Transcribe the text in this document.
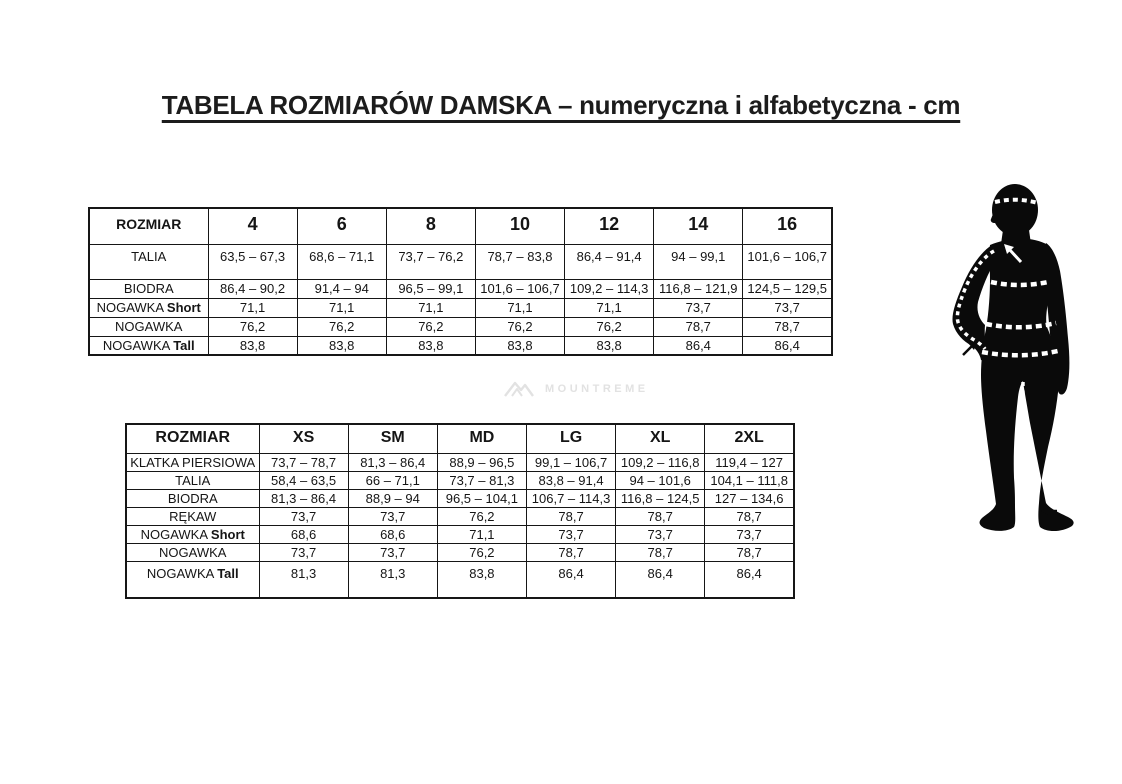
TABELA ROZMIARÓW DAMSKA – numeryczna i alfabetyczna - cm
ROZMIAR	4	6	8	10	12	14	16
TALIA	63,5 – 67,3	68,6 – 71,1	73,7 – 76,2	78,7 – 83,8	86,4 – 91,4	94 – 99,1	101,6 – 106,7
BIODRA	86,4 – 90,2	91,4 – 94	96,5 – 99,1	101,6 – 106,7	109,2 – 114,3	116,8 – 121,9	124,5 – 129,5
NOGAWKA Short	71,1	71,1	71,1	71,1	71,1	73,7	73,7
NOGAWKA	76,2	76,2	76,2	76,2	76,2	78,7	78,7
NOGAWKA Tall	83,8	83,8	83,8	83,8	83,8	86,4	86,4
MOUNTREME
ROZMIAR	XS	SM	MD	LG	XL	2XL
KLATKA PIERSIOWA	73,7 – 78,7	81,3 – 86,4	88,9 – 96,5	99,1 – 106,7	109,2 – 116,8	119,4 – 127
TALIA	58,4 – 63,5	66 – 71,1	73,7 – 81,3	83,8 – 91,4	94 – 101,6	104,1 – 111,8
BIODRA	81,3 – 86,4	88,9 – 94	96,5 – 104,1	106,7 – 114,3	116,8 – 124,5	127 – 134,6
RĘKAW	73,7	73,7	76,2	78,7	78,7	78,7
NOGAWKA Short	68,6	68,6	71,1	73,7	73,7	73,7
NOGAWKA	73,7	73,7	76,2	78,7	78,7	78,7
NOGAWKA Tall	81,3	81,3	83,8	86,4	86,4	86,4
